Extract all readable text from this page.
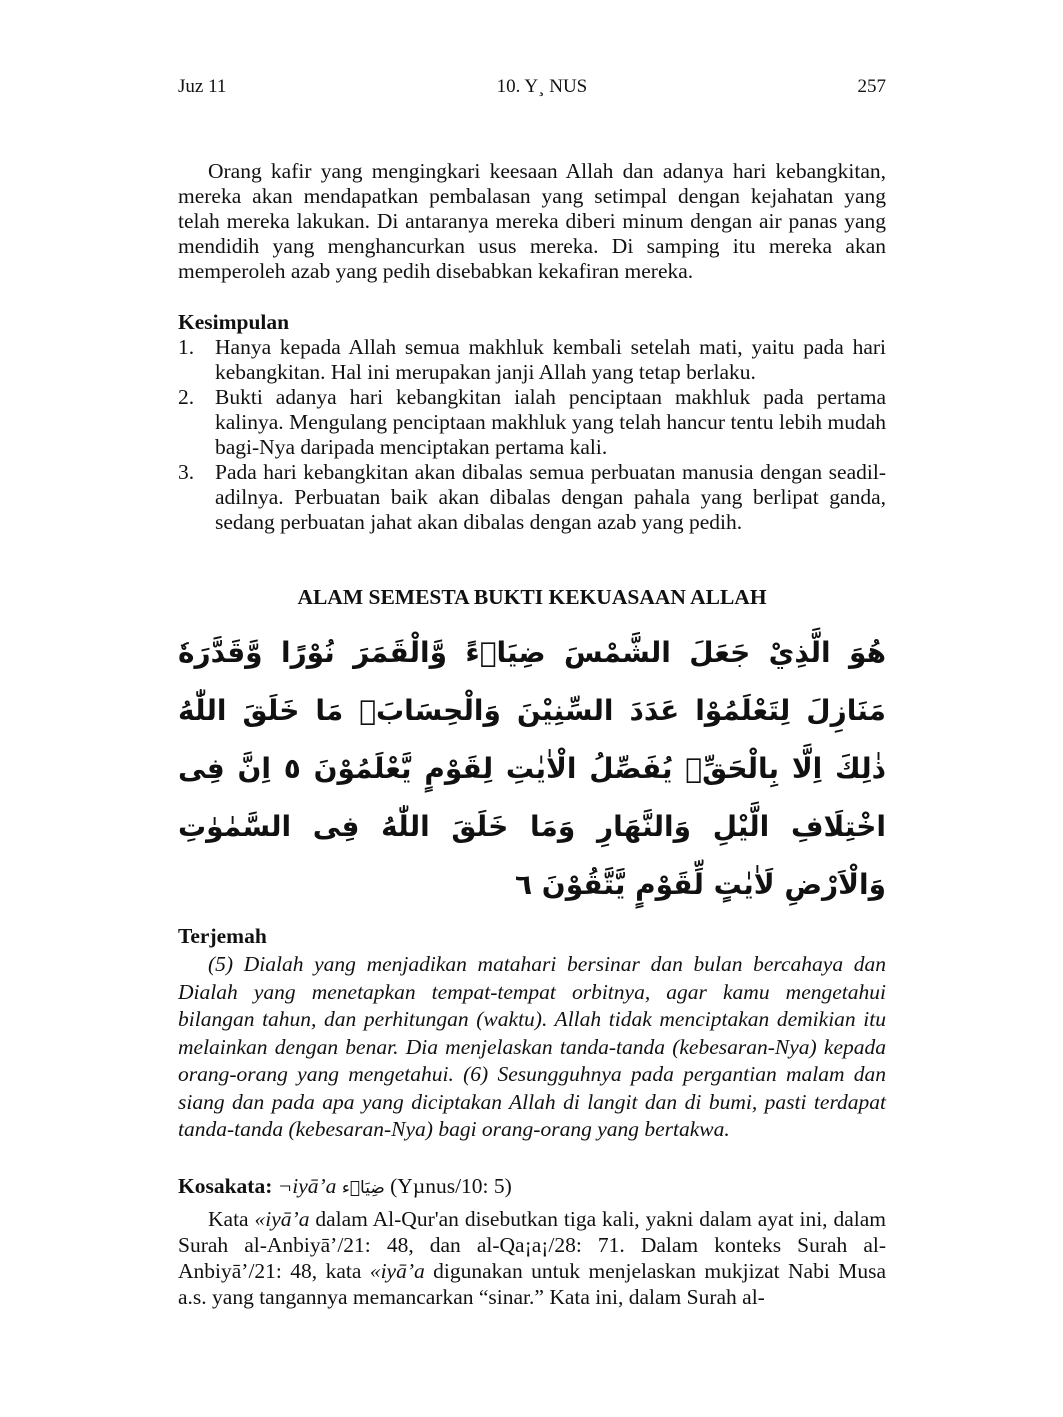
Juz 11	10. Y¸ NUS	257

Orang kafir yang mengingkari keesaan Allah dan adanya hari kebangkitan, mereka akan mendapatkan pembalasan yang setimpal dengan kejahatan yang telah mereka lakukan. Di antaranya mereka diberi minum dengan air panas yang mendidih yang menghancurkan usus mereka. Di samping itu mereka akan memperoleh azab yang pedih disebabkan kekafiran mereka.

Kesimpulan
1. Hanya kepada Allah semua makhluk kembali setelah mati, yaitu pada hari kebangkitan. Hal ini merupakan janji Allah yang tetap berlaku.
2. Bukti adanya hari kebangkitan ialah penciptaan makhluk pada pertama kalinya. Mengulang penciptaan makhluk yang telah hancur tentu lebih mudah bagi-Nya daripada menciptakan pertama kali.
3. Pada hari kebangkitan akan dibalas semua perbuatan manusia dengan seadil-adilnya. Perbuatan baik akan dibalas dengan pahala yang berlipat ganda, sedang perbuatan jahat akan dibalas dengan azab yang pedih.
ALAM SEMESTA BUKTI KEKUASAAN ALLAH
هُوَ الَّذِيْ جَعَلَ الشَّمْسَ ضِيَاۤءً وَّالْقَمَرَ نُوْرًا وَّقَدَّرَهٗ مَنَازِلَ لِتَعْلَمُوْا عَدَدَ السِّنِيْنَ وَالْحِسَابَۗ مَا خَلَقَ اللّٰهُ ذٰلِكَ اِلَّا بِالْحَقِّۗ يُفَصِّلُ الْاٰيٰتِ لِقَوْمٍ يَّعْلَمُوْنَ ٥ اِنَّ فِى اخْتِلَافِ الَّيْلِ وَالنَّهَارِ وَمَا خَلَقَ اللّٰهُ فِى السَّمٰوٰتِ وَالْاَرْضِ لَاٰيٰتٍ لِّقَوْمٍ يَّتَّقُوْنَ ٦
Terjemah

(5) Dialah yang menjadikan matahari bersinar dan bulan bercahaya dan Dialah yang menetapkan tempat-tempat orbitnya, agar kamu mengetahui bilangan tahun, dan perhitungan (waktu). Allah tidak menciptakan demikian itu melainkan dengan benar. Dia menjelaskan tanda-tanda (kebesaran-Nya) kepada orang-orang yang mengetahui. (6) Sesungguhnya pada pergantian malam dan siang dan pada apa yang diciptakan Allah di langit dan di bumi, pasti terdapat tanda-tanda (kebesaran-Nya) bagi orang-orang yang bertakwa.

Kosakata: ¬iyā’a ضِيَاۤء (Yµnus/10: 5)

Kata «iyā’a dalam Al-Qur'an disebutkan tiga kali, yakni dalam ayat ini, dalam Surah al-Anbiyā’/21: 48, dan al-Qa¡a¡/28: 71. Dalam konteks Surah al-Anbiyā’/21: 48, kata «iyā’a digunakan untuk menjelaskan mukjizat Nabi Musa a.s. yang tangannya memancarkan “sinar.” Kata ini, dalam Surah al-
